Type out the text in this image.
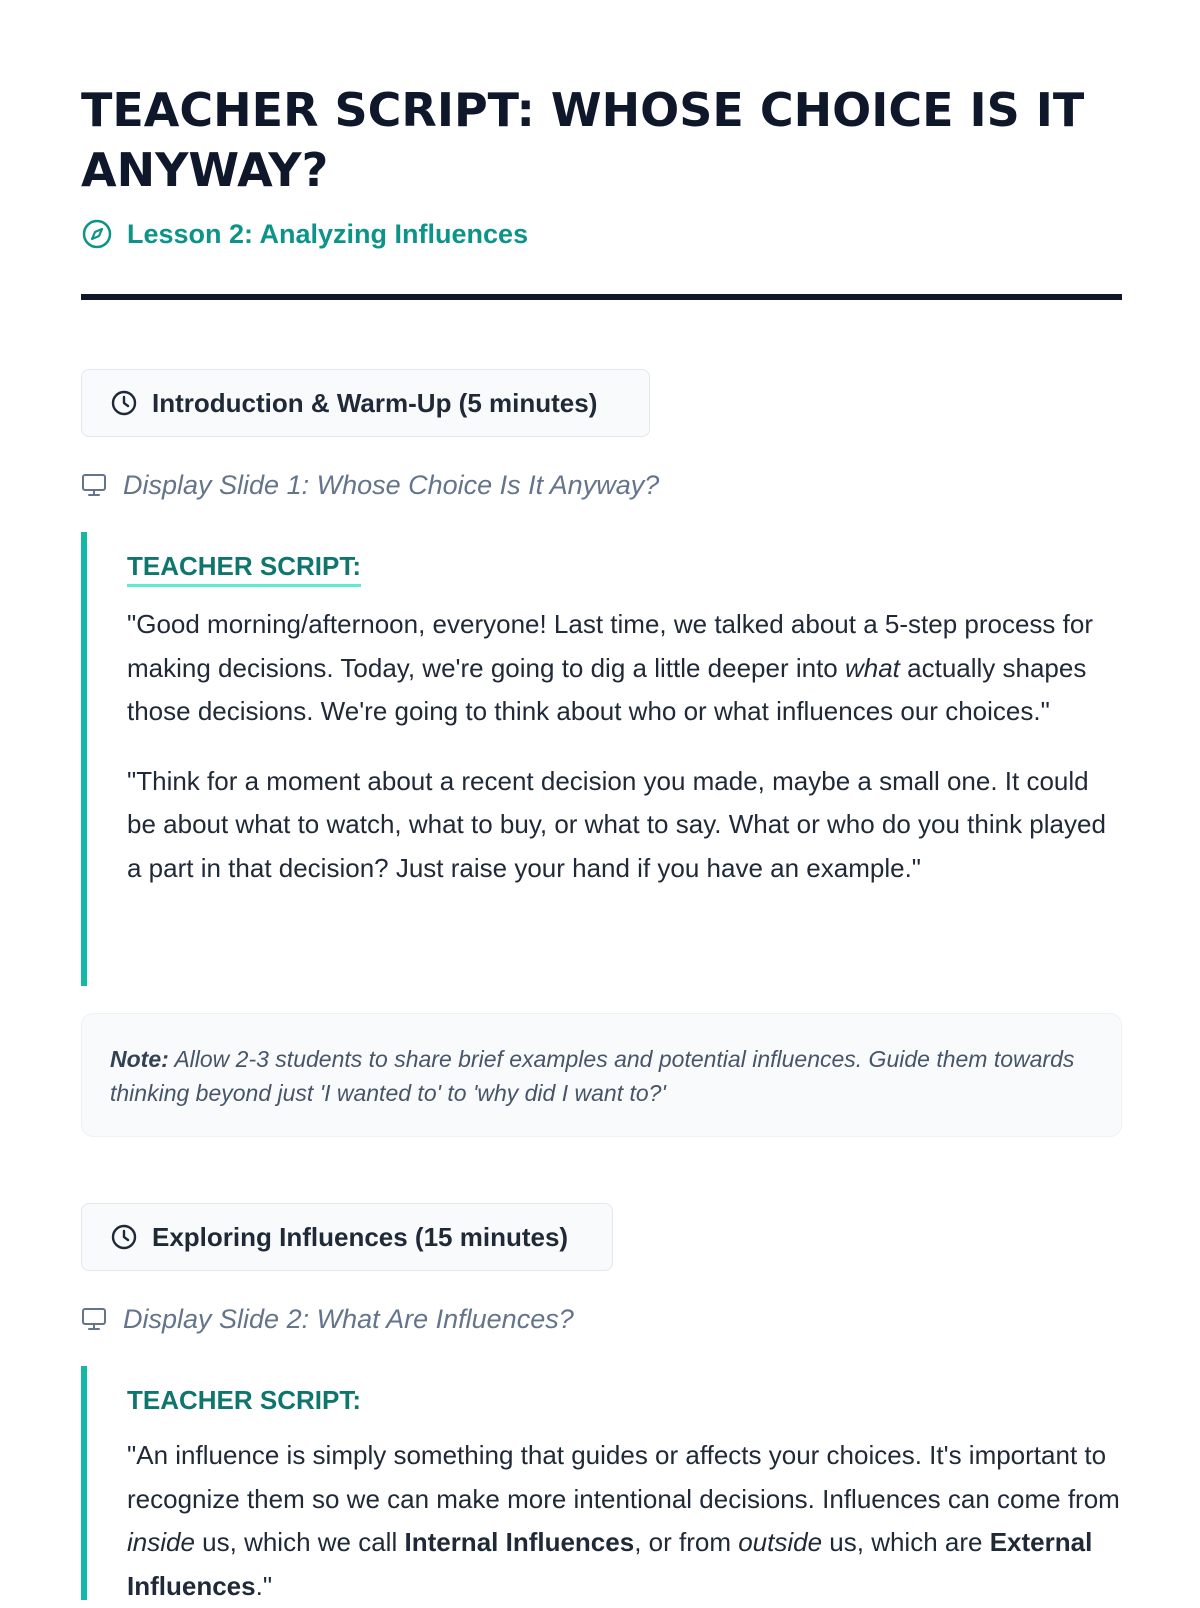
TEACHER SCRIPT: WHOSE CHOICE IS IT ANYWAY?
Lesson 2: Analyzing Influences
Introduction & Warm-Up (5 minutes)
Display Slide 1: Whose Choice Is It Anyway?
TEACHER SCRIPT:

"Good morning/afternoon, everyone! Last time, we talked about a 5-step process for making decisions. Today, we're going to dig a little deeper into what actually shapes those decisions. We're going to think about who or what influences our choices."

"Think for a moment about a recent decision you made, maybe a small one. It could be about what to watch, what to buy, or what to say. What or who do you think played a part in that decision? Just raise your hand if you have an example."

Note: Allow 2-3 students to share brief examples and potential influences. Guide them towards thinking beyond just 'I wanted to' to 'why did I want to?'
Exploring Influences (15 minutes)
Display Slide 2: What Are Influences?
TEACHER SCRIPT:

"An influence is simply something that guides or affects your choices. It's important to recognize them so we can make more intentional decisions. Influences can come from inside us, which we call Internal Influences, or from outside us, which are External Influences."
